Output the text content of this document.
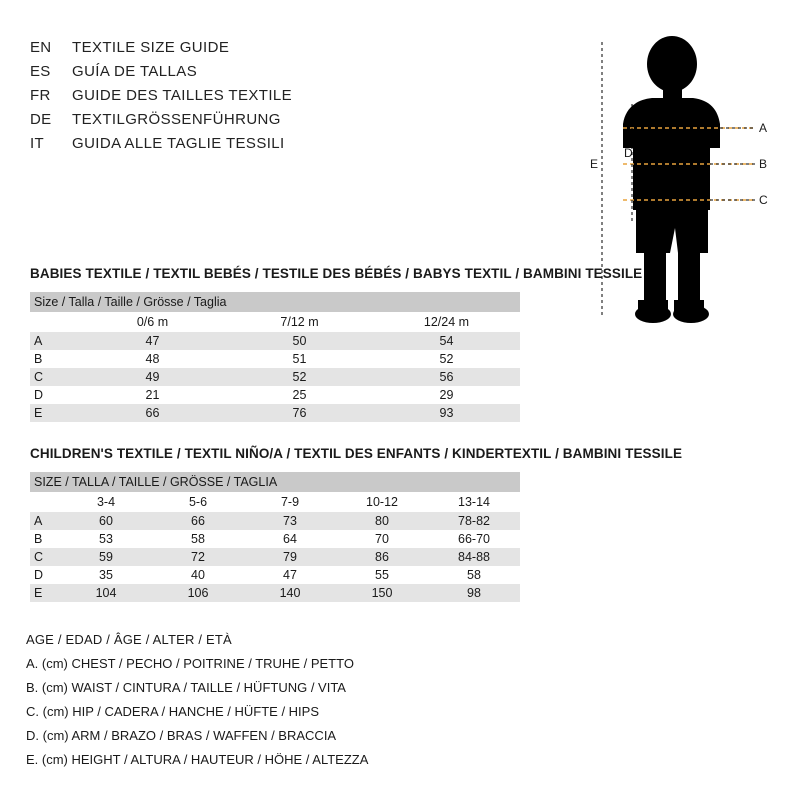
EN	TEXTILE SIZE GUIDE
ES	GUÍA DE TALLAS
FR	GUIDE DES TAILLES TEXTILE
DE	TEXTILGRÖSSENFÜHRUNG
IT	GUIDA ALLE TAGLIE TESSILI
A
B
C
E
D
BABIES TEXTILE / TEXTIL BEBÉS / TESTILE DES BÉBÉS / BABYS TEXTIL / BAMBINI TESSILE
Size / Talla / Taille / Grösse / Taglia			
	0/6 m	7/12 m	12/24 m
A	47	50	54
B	48	51	52
C	49	52	56
D	21	25	29
E	66	76	93
CHILDREN'S TEXTILE / TEXTIL NIÑO/A / TEXTIL DES ENFANTS / KINDERTEXTIL / BAMBINI TESSILE
SIZE / TALLA / TAILLE / GRÖSSE / TAGLIA					
	3-4	5-6	7-9	10-12	13-14
A	60	66	73	80	78-82
B	53	58	64	70	66-70
C	59	72	79	86	84-88
D	35	40	47	55	58
E	104	106	140	150	98
AGE / EDAD / ÂGE / ALTER / ETÀ
A. (cm) CHEST / PECHO / POITRINE / TRUHE / PETTO
B. (cm) WAIST / CINTURA / TAILLE / HÜFTUNG / VITA
C. (cm) HIP / CADERA / HANCHE / HÜFTE / HIPS
D. (cm) ARM / BRAZO / BRAS / WAFFEN / BRACCIA
E. (cm) HEIGHT / ALTURA / HAUTEUR / HÖHE / ALTEZZA
